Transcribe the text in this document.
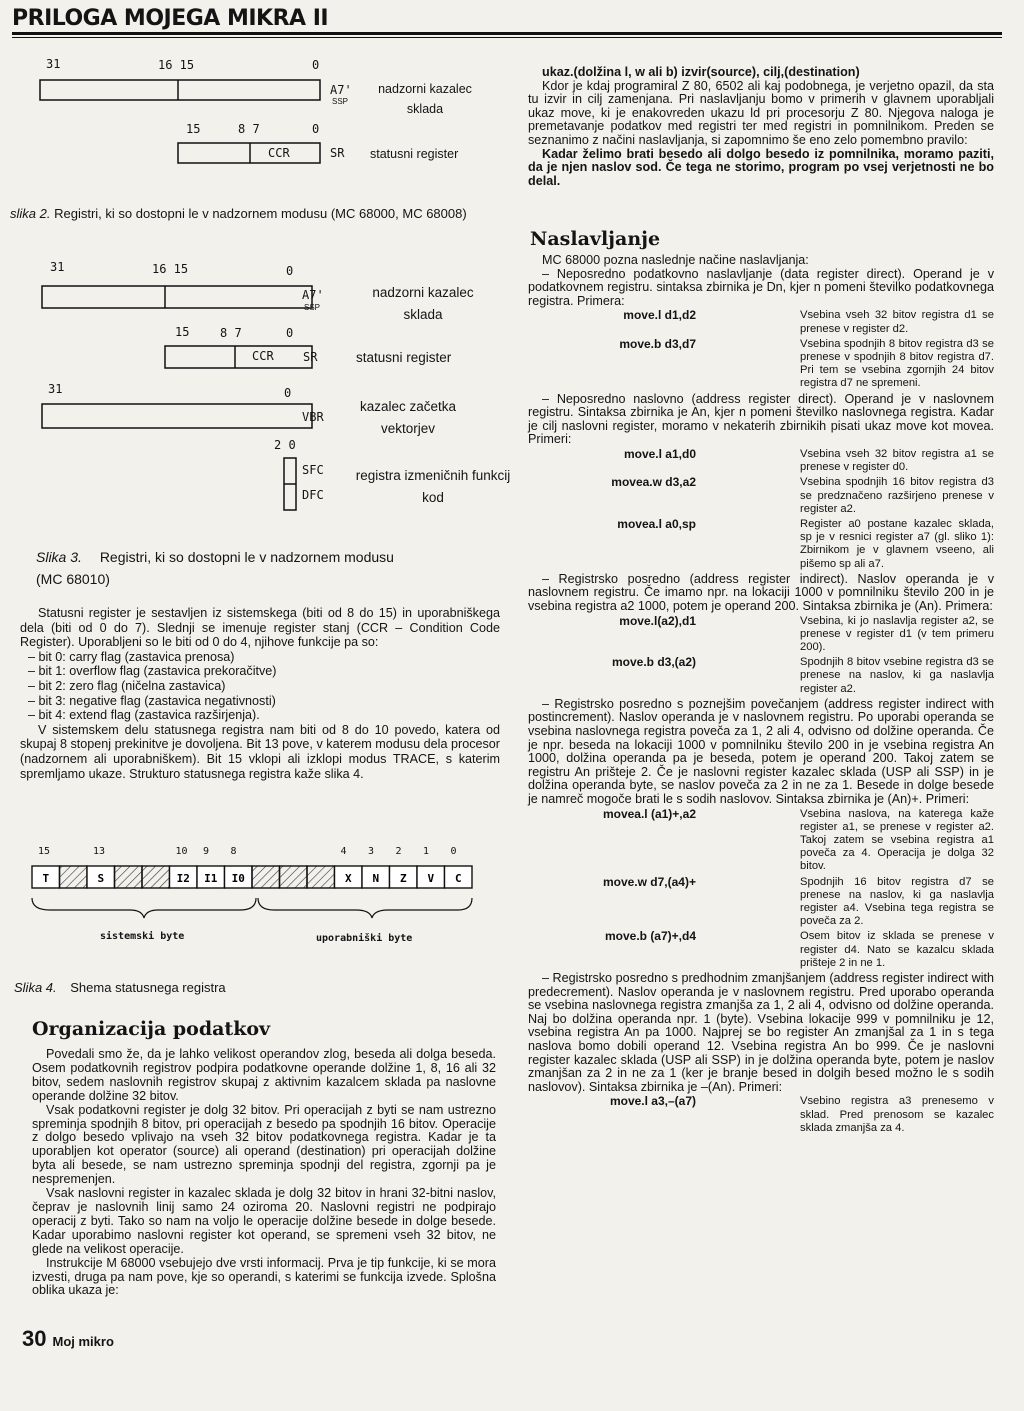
PRILOGA MOJEGA MIKRA II
31	16 15	0
A7'
SSP
15	8 7	0
CCR	SR
nadzorni kazalec sklada
statusni register
slika 2. Registri, ki so dostopni le v nadzornem modusu (MC 68000, MC 68008)
31	16 15	0
A7'
SSP
15	8 7	0
CCR SR
31	0
VBR
2 0
SFC
DFC
nadzorni kazalec sklada
statusni register
kazalec začetka vektorjev
registra izmeničnih funkcij kod
Slika 3. Registri, ki so dostopni le v nadzornem modusu (MC 68010)
Statusni register je sestavljen iz sistemskega (biti od 8 do 15) in uporabniškega dela (biti od 0 do 7). Slednji se imenuje register stanj (CCR – Condition Code Register). Uporabljeni so le biti od 0 do 4, njihove funkcije pa so:
– bit 0: carry flag (zastavica prenosa)
– bit 1: overflow flag (zastavica prekoračitve)
– bit 2: zero flag (ničelna zastavica)
– bit 3: negative flag (zastavica negativnosti)
– bit 4: extend flag (zastavica razširjenja).
V sistemskem delu statusnega registra nam biti od 8 do 10 povedo, katera od skupaj 8 stopenj prekinitve je dovoljena. Bit 13 pove, v katerem modusu dela procesor (nadzornem ali uporabniškem). Bit 15 vklopi ali izklopi modus TRACE, s katerim spremljamo ukaze. Strukturo statusnega registra kaže slika 4.
T	S	I2 I1 I0	X N Z V C
15	13	10 9 8	4 3 2 1 0
sistemski byte	uporabniški byte
Slika 4. Shema statusnega registra
Organizacija podatkov
Povedali smo že, da je lahko velikost operandov zlog, beseda ali dolga beseda. Osem podatkovnih registrov podpira podatkovne operande dolžine 1, 8, 16 ali 32 bitov, sedem naslovnih registrov skupaj z aktivnim kazalcem sklada pa naslovne operande dolžine 32 bitov.
Vsak podatkovni register je dolg 32 bitov. Pri operacijah z byti se nam ustrezno spreminja spodnjih 8 bitov, pri operacijah z besedo pa spodnjih 16 bitov. Operacije z dolgo besedo vplivajo na vseh 32 bitov podatkovnega registra. Kadar je ta uporabljen kot operator (source) ali operand (destination) pri operacijah dolžine byta ali besede, se nam ustrezno spreminja spodnji del registra, zgornji pa je nespremenjen.
Vsak naslovni register in kazalec sklada je dolg 32 bitov in hrani 32-bitni naslov, čeprav je naslovnih linij samo 24 oziroma 20. Naslovni registri ne podpirajo operacij z byti. Tako so nam na voljo le operacije dolžine besede in dolge besede. Kadar uporabimo naslovni register kot operand, se spremeni vseh 32 bitov, ne glede na velikost operacije.
Instrukcije M 68000 vsebujejo dve vrsti informacij. Prva je tip funkcije, ki se mora izvesti, druga pa nam pove, kje so operandi, s katerimi se funkcija izvede. Splošna oblika ukaza je:
30 Moj mikro
ukaz.(dolžina l, w ali b) izvir(source), cilj,(destination)
Kdor je kdaj programiral Z 80, 6502 ali kaj podobnega, je verjetno opazil, da sta tu izvir in cilj zamenjana. Pri naslavljanju bomo v primerih v glavnem uporabljali ukaz move, ki je enakovreden ukazu ld pri procesorju Z 80. Njegova naloga je premetavanje podatkov med registri ter med registri in pomnilnikom. Preden se seznanimo z načini naslavljanja, si zapomnimo še eno zelo pomembno pravilo:
Kadar želimo brati besedo ali dolgo besedo iz pomnilnika, moramo paziti, da je njen naslov sod. Če tega ne storimo, program po vsej verjetnosti ne bo delal.
Naslavljanje
MC 68000 pozna naslednje načine naslavljanja:
– Neposredno podatkovno naslavljanje (data register direct). Operand je v podatkovnem registru. sintaksa zbirnika je Dn, kjer n pomeni številko podatkovnega registra. Primera:
move.l d1,d2	Vsebina vseh 32 bitov registra d1 se prenese v register d2.
move.b d3,d7	Vsebina spodnjih 8 bitov registra d3 se prenese v spodnjih 8 bitov registra d7. Pri tem se vsebina zgornjih 24 bitov registra d7 ne spremeni.
– Neposredno naslovno (address register direct). Operand je v naslovnem registru. Sintaksa zbirnika je An, kjer n pomeni številko naslovnega registra. Kadar je cilj naslovni register, moramo v nekaterih zbirnikih pisati ukaz move kot movea. Primeri:
move.l a1,d0	Vsebina vseh 32 bitov registra a1 se prenese v register d0.
movea.w d3,a2	Vsebina spodnjih 16 bitov registra d3 se predznačeno razširjeno prenese v register a2.
movea.l a0,sp	Register a0 postane kazalec sklada, sp je v resnici register a7 (gl. sliko 1): Zbirnikom je v glavnem vseeno, ali pišemo sp ali a7.
– Registrsko posredno (address register indirect). Naslov operanda je v naslovnem registru. Če imamo npr. na lokaciji 1000 v pomnilniku število 200 in je vsebina registra a2 1000, potem je operand 200. Sintaksa zbirnika je (An). Primera:
move.l(a2),d1	Vsebina, ki jo naslavlja register a2, se prenese v register d1 (v tem primeru 200).
move.b d3,(a2)	Spodnjih 8 bitov vsebine registra d3 se prenese na naslov, ki ga naslavlja register a2.
– Registrsko posredno s poznejšim povečanjem (address register indirect with postincrement). Naslov operanda je v naslovnem registru. Po uporabi operanda se vsebina naslovnega registra poveča za 1, 2 ali 4, odvisno od dolžine operanda. Če je npr. beseda na lokaciji 1000 v pomnilniku število 200 in je vsebina registra An 1000, dolžina operanda pa je beseda, potem je operand 200. Takoj zatem se registru An prišteje 2. Če je naslovni register kazalec sklada (USP ali SSP) in je dolžina operanda byte, se naslov poveča za 2 in ne za 1. Besede in dolge besede je namreč mogoče brati le s sodih naslovov. Sintaksa zbirnika je (An)+. Primeri:
movea.l (a1)+,a2	Vsebina naslova, na katerega kaže register a1, se prenese v register a2. Takoj zatem se vsebina registra a1 poveča za 4. Operacija je dolga 32 bitov.
move.w d7,(a4)+	Spodnjih 16 bitov registra d7 se prenese na naslov, ki ga naslavlja register a4. Vsebina tega registra se poveča za 2.
move.b (a7)+,d4	Osem bitov iz sklada se prenese v register d4. Nato se kazalcu sklada prišteje 2 in ne 1.
– Registrsko posredno s predhodnim zmanjšanjem (address register indirect with predecrement). Naslov operanda je v naslovnem registru. Pred uporabo operanda se vsebina naslovnega registra zmanjša za 1, 2 ali 4, odvisno od dolžine operanda. Naj bo dolžina operanda npr. 1 (byte). Vsebina lokacije 999 v pomnilniku je 12, vsebina registra An pa 1000. Najprej se bo register An zmanjšal za 1 in s tega naslova bomo dobili operand 12. Vsebina registra An bo 999. Če je naslovni register kazalec sklada (USP ali SSP) in je dolžina operanda byte, potem je naslov zmanjšan za 2 in ne za 1 (ker je branje besed in dolgih besed možno le s sodih naslovov). Sintaksa zbirnika je –(An). Primeri:
move.l a3,–(a7)	Vsebino registra a3 prenesemo v sklad. Pred prenosom se kazalec sklada zmanjša za 4.
